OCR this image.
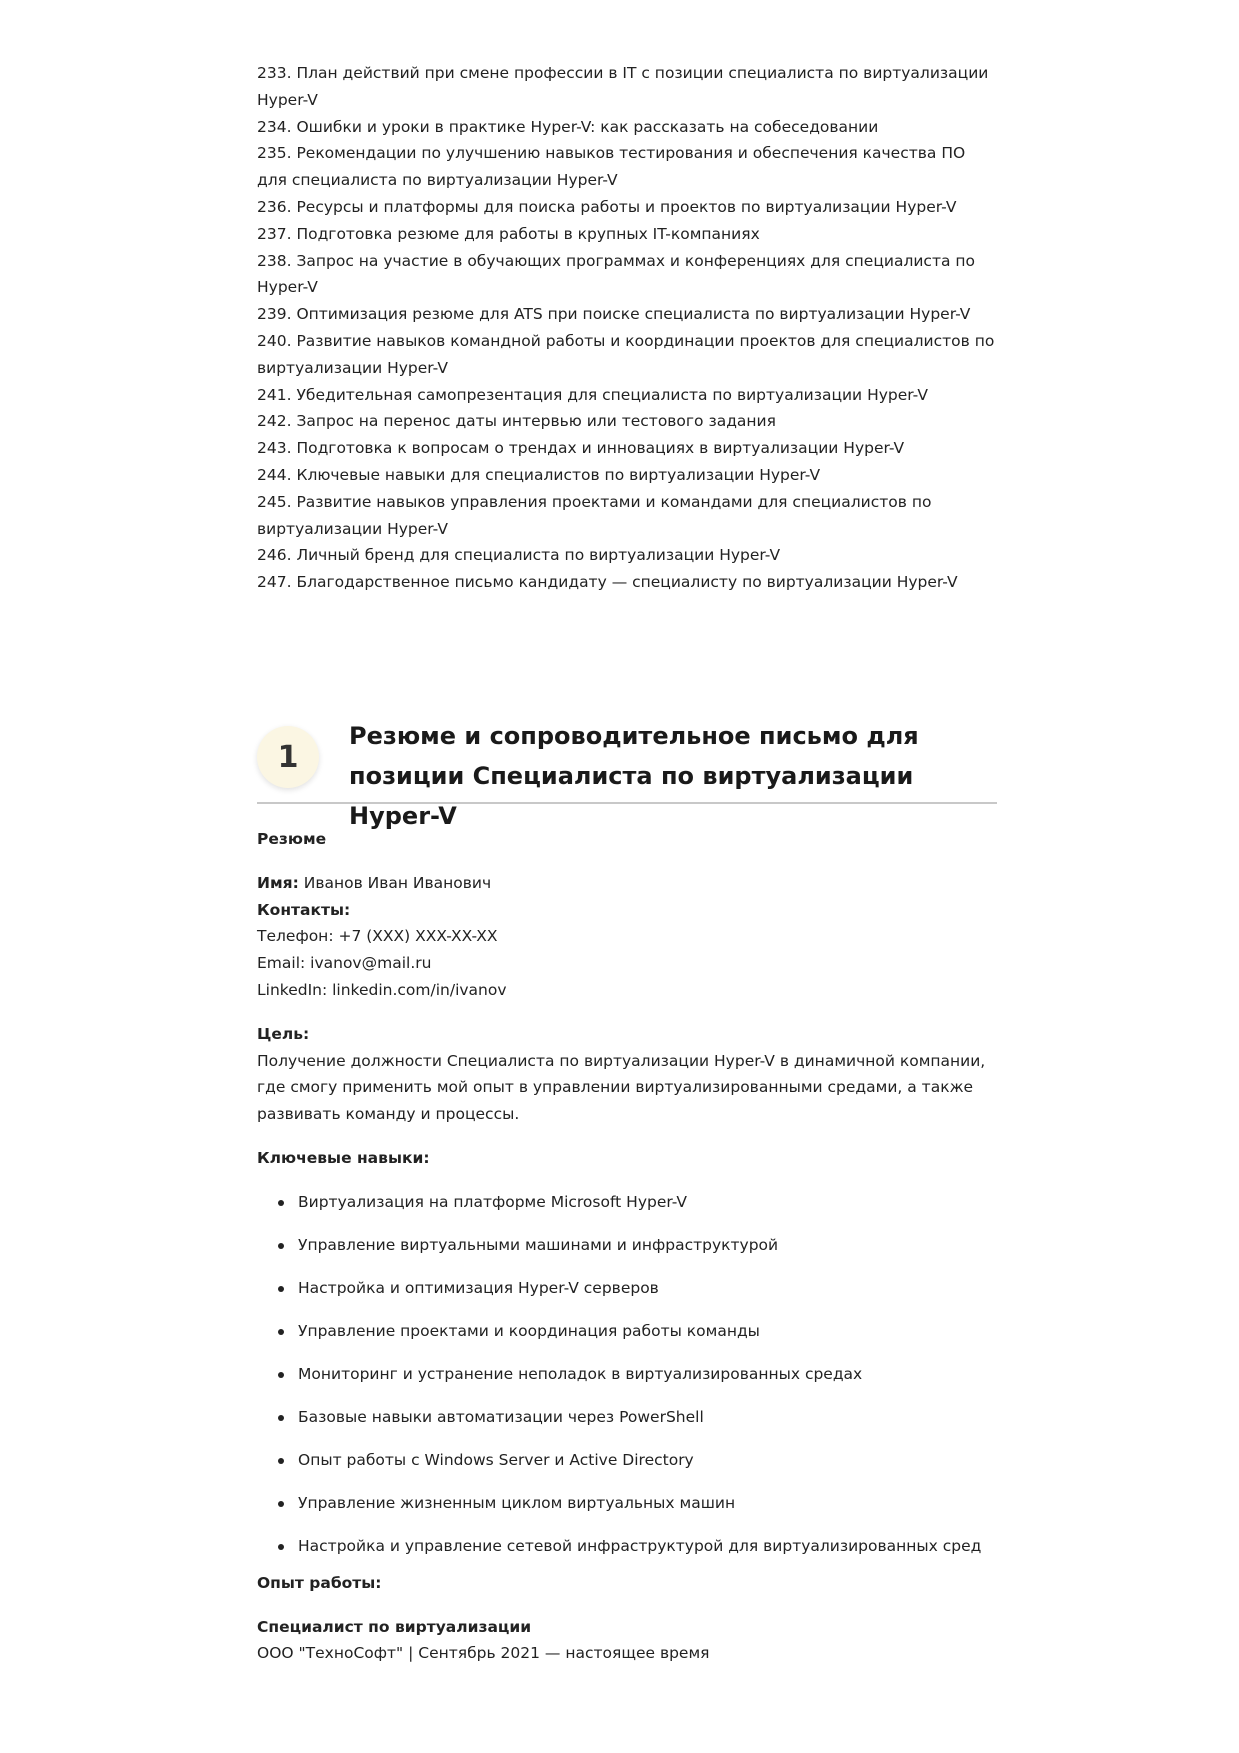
233. План действий при смене профессии в IT с позиции специалиста по виртуализации Hyper-V
234. Ошибки и уроки в практике Hyper-V: как рассказать на собеседовании
235. Рекомендации по улучшению навыков тестирования и обеспечения качества ПО для специалиста по виртуализации Hyper-V
236. Ресурсы и платформы для поиска работы и проектов по виртуализации Hyper-V
237. Подготовка резюме для работы в крупных IT-компаниях
238. Запрос на участие в обучающих программах и конференциях для специалиста по Hyper-V
239. Оптимизация резюме для ATS при поиске специалиста по виртуализации Hyper-V
240. Развитие навыков командной работы и координации проектов для специалистов по виртуализации Hyper-V
241. Убедительная самопрезентация для специалиста по виртуализации Hyper-V
242. Запрос на перенос даты интервью или тестового задания
243. Подготовка к вопросам о трендах и инновациях в виртуализации Hyper-V
244. Ключевые навыки для специалистов по виртуализации Hyper-V
245. Развитие навыков управления проектами и командами для специалистов по виртуализации Hyper-V
246. Личный бренд для специалиста по виртуализации Hyper-V
247. Благодарственное письмо кандидату — специалисту по виртуализации Hyper-V
1
Резюме и сопроводительное письмо для позиции Специалиста по виртуализации Hyper-V

Резюме

Имя: Иванов Иван Иванович

Контакты:

Телефон: +7 (XXX) XXX-XX-XX

Email: ivanov@mail.ru

LinkedIn: linkedin.com/in/ivanov

Цель:

Получение должности Специалиста по виртуализации Hyper-V в динамичной компании, где смогу применить мой опыт в управлении виртуализированными средами, а также развивать команду и процессы.

Ключевые навыки:

Виртуализация на платформе Microsoft Hyper-V
Управление виртуальными машинами и инфраструктурой
Настройка и оптимизация Hyper-V серверов
Управление проектами и координация работы команды
Мониторинг и устранение неполадок в виртуализированных средах
Базовые навыки автоматизации через PowerShell
Опыт работы с Windows Server и Active Directory
Управление жизненным циклом виртуальных машин
Настройка и управление сетевой инфраструктурой для виртуализированных сред

Опыт работы:

Специалист по виртуализации

ООО "ТехноСофт" | Сентябрь 2021 — настоящее время
